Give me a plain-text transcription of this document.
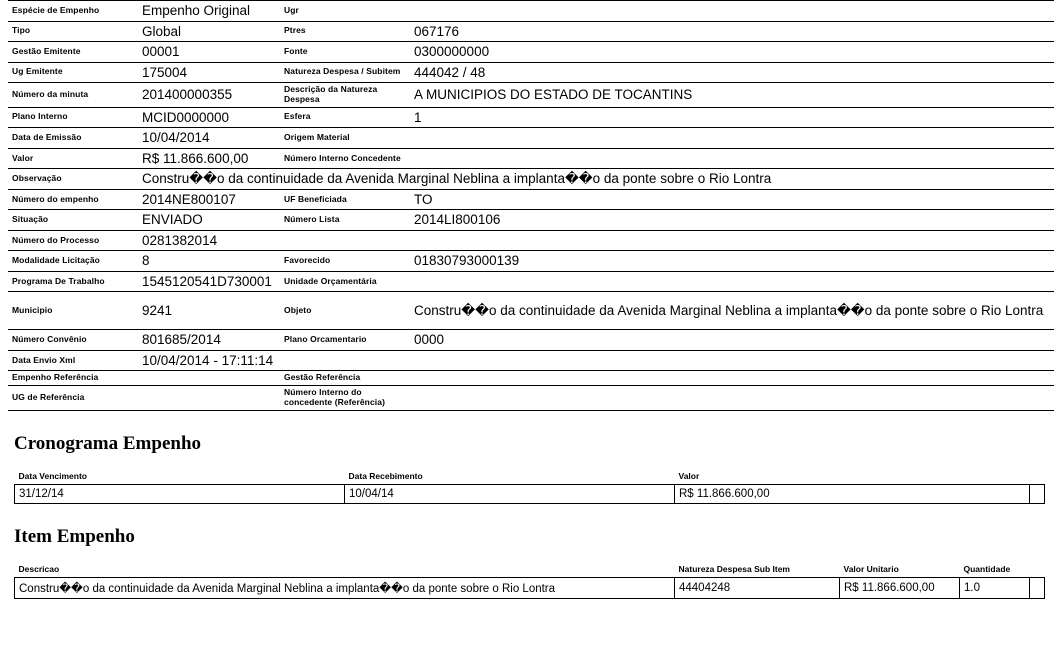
Espécie de Empenho	Empenho Original	Ugr	
Tipo	Global	Ptres	067176
Gestão Emitente	00001	Fonte	0300000000
Ug Emitente	175004	Natureza Despesa / Subitem	444042 / 48
Número da minuta	201400000355	Descrição da Natureza Despesa	A MUNICIPIOS DO ESTADO DE TOCANTINS
Plano Interno	MCID0000000	Esfera	1
Data de Emissão	10/04/2014	Origem Material	
Valor	R$ 11.866.600,00	Número Interno Concedente	
Observação	Constru��o da continuidade da Avenida Marginal Neblina a implanta��o da ponte sobre o Rio Lontra		
Número do empenho	2014NE800107	UF Beneficiada	TO
Situação	ENVIADO	Número Lista	2014LI800106
Número do Processo	0281382014		
Modalidade Licitação	8	Favorecido	01830793000139
Programa De Trabalho	1545120541D730001	Unidade Orçamentária	
Municipio	9241	Objeto	Constru��o da continuidade da Avenida Marginal Neblina a implanta��o da ponte sobre o Rio Lontra
Número Convênio	801685/2014	Plano Orcamentario	0000
Data Envio Xml	10/04/2014 - 17:11:14		
Empenho Referência		Gestão Referência	
UG de Referência		Número Interno do concedente (Referência)	
Cronograma Empenho
Data Vencimento	Data Recebimento	Valor	
31/12/14	10/04/14	R$ 11.866.600,00	
Item Empenho
Descricao	Natureza Despesa Sub Item	Valor Unitario	Quantidade	
Constru��o da continuidade da Avenida Marginal Neblina a implanta��o da ponte sobre o Rio Lontra	44404248	R$ 11.866.600,00	1.0	
